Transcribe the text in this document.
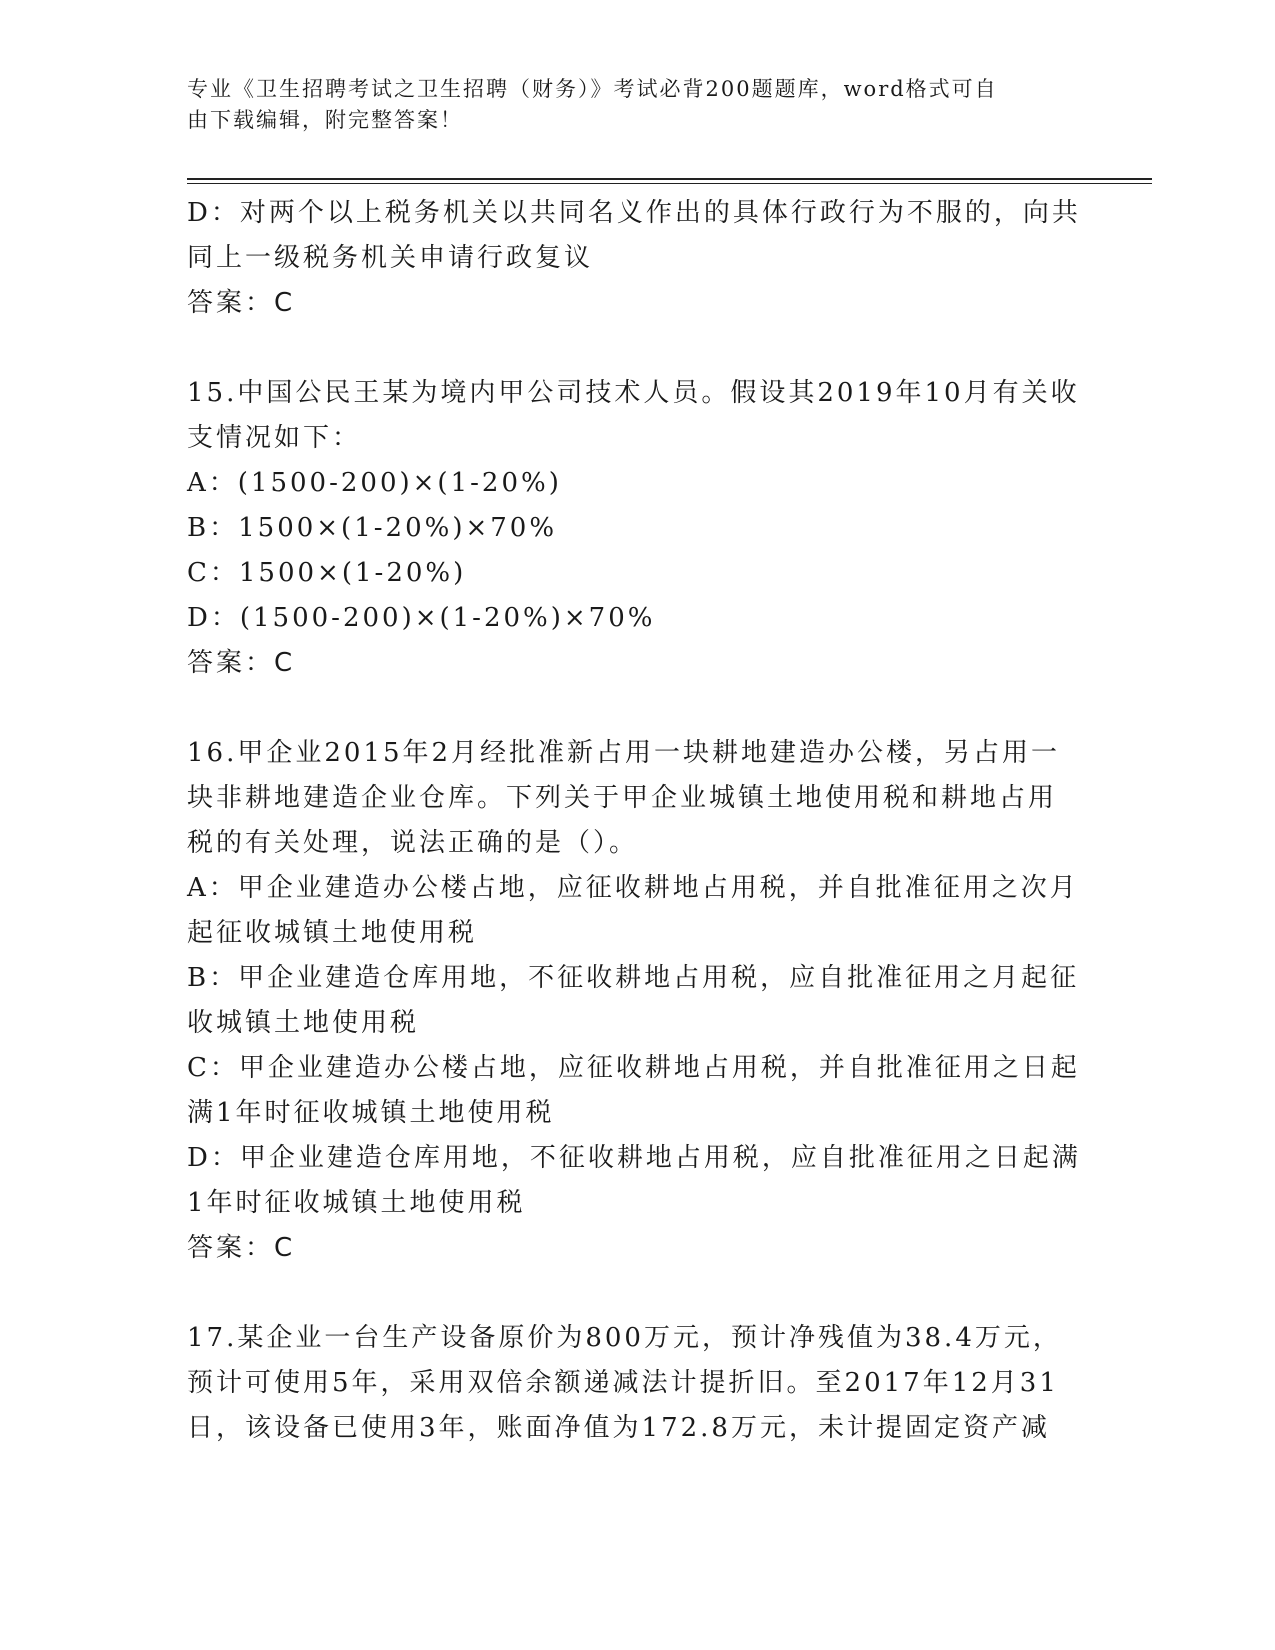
专业《卫生招聘考试之卫生招聘（财务）》考试必背200题题库，word格式可自
由下载编辑，附完整答案！
D：对两个以上税务机关以共同名义作出的具体行政行为不服的，向共
同上一级税务机关申请行政复议
答案：C
15.中国公民王某为境内甲公司技术人员。假设其2019年10月有关收
支情况如下：
A：(1500-200)×(1-20%)
B：1500×(1-20%)×70%
C：1500×(1-20%)
D：(1500-200)×(1-20%)×70%
答案：C
16.甲企业2015年2月经批准新占用一块耕地建造办公楼，另占用一
块非耕地建造企业仓库。下列关于甲企业城镇土地使用税和耕地占用
税的有关处理，说法正确的是（）。
A：甲企业建造办公楼占地，应征收耕地占用税，并自批准征用之次月
起征收城镇土地使用税
B：甲企业建造仓库用地，不征收耕地占用税，应自批准征用之月起征
收城镇土地使用税
C：甲企业建造办公楼占地，应征收耕地占用税，并自批准征用之日起
满1年时征收城镇土地使用税
D：甲企业建造仓库用地，不征收耕地占用税，应自批准征用之日起满
1年时征收城镇土地使用税
答案：C
17.某企业一台生产设备原价为800万元，预计净残值为38.4万元，
预计可使用5年，采用双倍余额递减法计提折旧。至2017年12月31
日，该设备已使用3年，账面净值为172.8万元，未计提固定资产减
